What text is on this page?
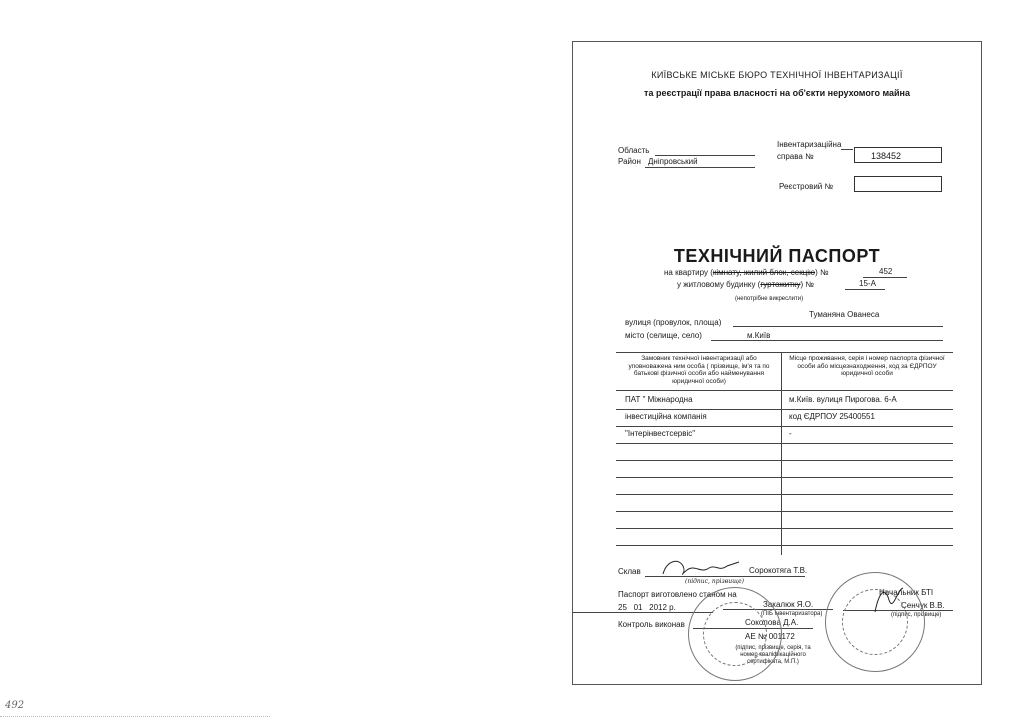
492
КИЇВСЬКЕ МІСЬКЕ БЮРО ТЕХНІЧНОЇ ІНВЕНТАРИЗАЦІЇ
та реєстрації права власності на об'єкти нерухомого майна
Область
Район Дніпровський
Інвентаризаційна
справа №	138452
Реєстровий №
ТЕХНІЧНИЙ ПАСПОРТ
на квартиру (кімнату, жилий блок, секцію) №	452
у житловому будинку (гуртожитку) №	15-А
(непотрібне викреслити)
Туманяна Ованеса
вулиця (провулок, площа)
місто (селище, село)	м.Київ
Замовник технічної інвентаризації або уповноважена ним особа ( прізвище, ім'я та по батькові фізичної особи або найменування юридичної особи)
Місце проживання, серія і номер паспорта фізичної особи або місцезнаходження, код за ЄДРПОУ юридичної особи
ПАТ " Міжнародна	м.Київ. вулиця Пирогова. 6-А
інвестиційна компанія	код ЄДРПОУ 25400551
"Інтерінвестсервіс"	-
Склав	Сорокотяга Т.В.
(підпис, прізвище)
Паспорт виготовлено станом на
25 01 2012 р.	Закалюк Я.О.
(ПІБ інвентаризатора)
Контроль виконав	Соколова Д.А.
АЕ № 001172
(підпис, прізвище, серія, та
номер кваліфікаційного
сертифіката, М.П.)
Начальник БТІ
Сенчук В.В.
(підпис, прізвище)
